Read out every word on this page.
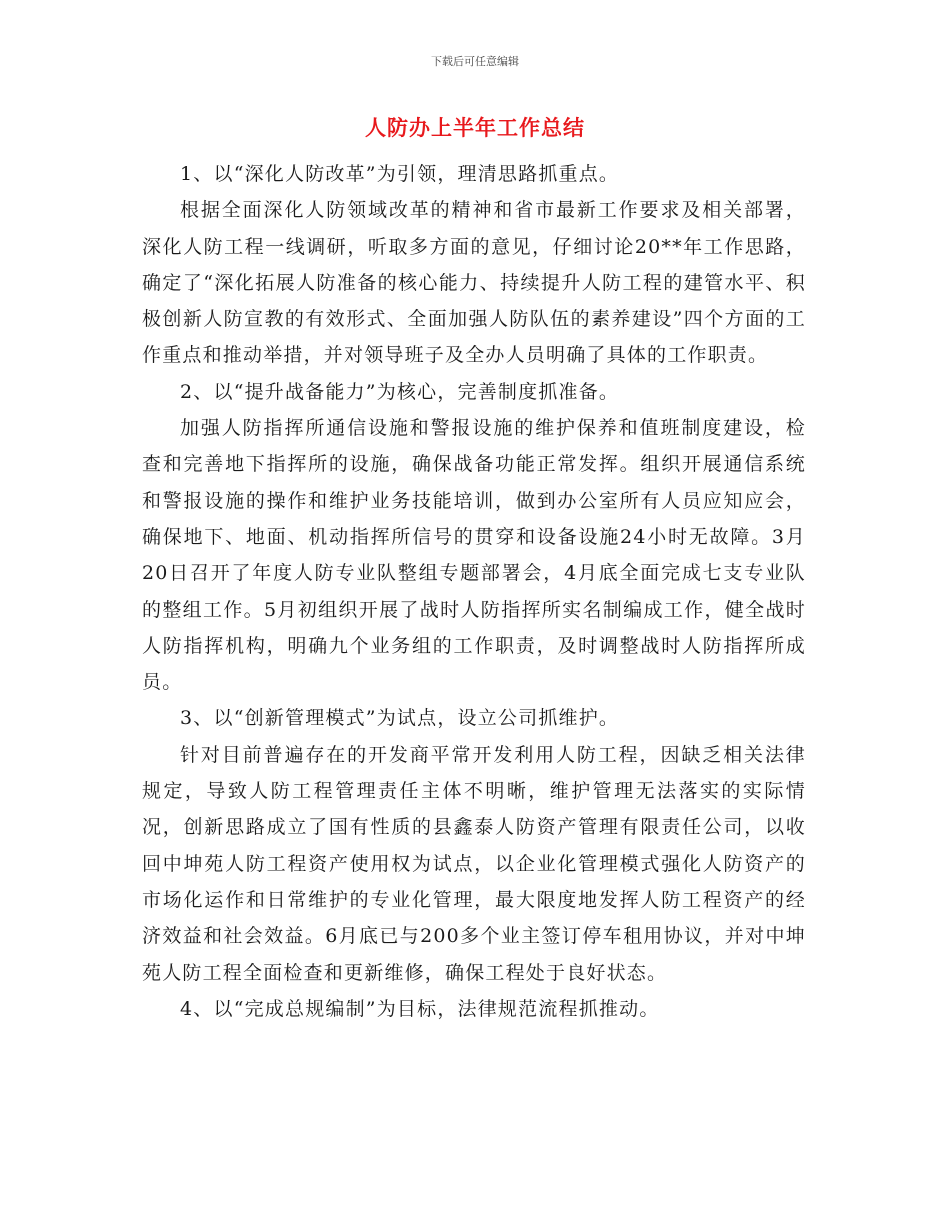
下载后可任意编辑
人防办上半年工作总结

1、以“深化人防改革”为引领，理清思路抓重点。

根据全面深化人防领域改革的精神和省市最新工作要求及相关部署，深化人防工程一线调研，听取多方面的意见，仔细讨论20**年工作思路，确定了“深化拓展人防准备的核心能力、持续提升人防工程的建管水平、积极创新人防宣教的有效形式、全面加强人防队伍的素养建设”四个方面的工作重点和推动举措，并对领导班子及全办人员明确了具体的工作职责。

2、以“提升战备能力”为核心，完善制度抓准备。

加强人防指挥所通信设施和警报设施的维护保养和值班制度建设，检查和完善地下指挥所的设施，确保战备功能正常发挥。组织开展通信系统和警报设施的操作和维护业务技能培训，做到办公室所有人员应知应会，确保地下、地面、机动指挥所信号的贯穿和设备设施24小时无故障。3月20日召开了年度人防专业队整组专题部署会，4月底全面完成七支专业队的整组工作。5月初组织开展了战时人防指挥所实名制编成工作，健全战时人防指挥机构，明确九个业务组的工作职责，及时调整战时人防指挥所成员。

3、以“创新管理模式”为试点，设立公司抓维护。

针对目前普遍存在的开发商平常开发利用人防工程，因缺乏相关法律规定，导致人防工程管理责任主体不明晰，维护管理无法落实的实际情况，创新思路成立了国有性质的县鑫泰人防资产管理有限责任公司，以收回中坤苑人防工程资产使用权为试点，以企业化管理模式强化人防资产的市场化运作和日常维护的专业化管理，最大限度地发挥人防工程资产的经济效益和社会效益。6月底已与200多个业主签订停车租用协议，并对中坤苑人防工程全面检查和更新维修，确保工程处于良好状态。

4、以“完成总规编制”为目标，法律规范流程抓推动。
